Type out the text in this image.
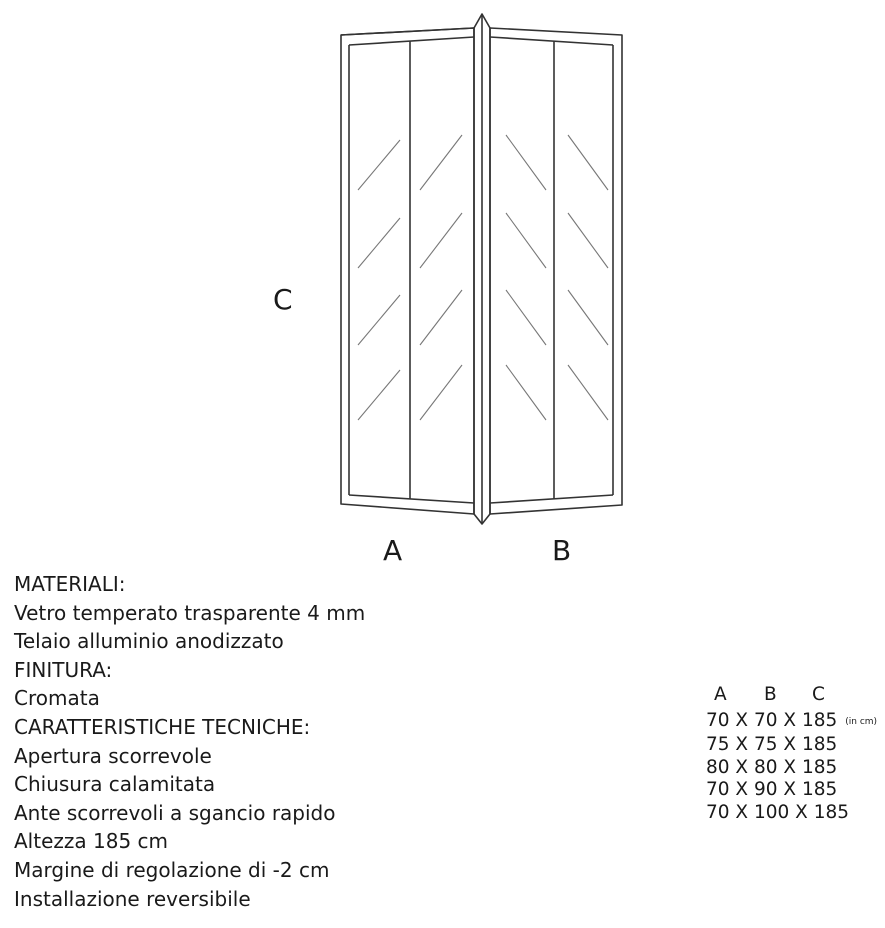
C
A	B
MATERIALI:
Vetro temperato trasparente 4 mm
Telaio alluminio anodizzato
FINITURA:
Cromata
CARATTERISTICHE TECNICHE:
Apertura scorrevole
Chiusura calamitata
Ante scorrevoli a sgancio rapido
Altezza 185 cm
Margine di regolazione di -2 cm
Installazione reversibile
A B C
70 X 70 X 185 (in cm)
75 X 75 X 185
80 X 80 X 185
70 X 90 X 185
70 X 100 X 185
